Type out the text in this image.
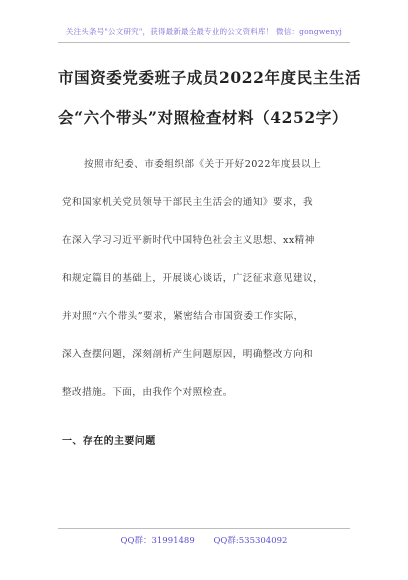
关注头条号"公文研究"，获得最新最全最专业的公文资料库！ 微信：gongwenyj
市国资委党委班子成员2022年度民主生活
会“六个带头”对照检查材料（4252字）
按照市纪委、市委组织部《关于开好2022年度县以上
党和国家机关党员领导干部民主生活会的通知》要求，我
在深入学习习近平新时代中国特色社会主义思想、xx精神
和规定篇目的基础上，开展谈心谈话，广泛征求意见建议，
并对照“六个带头”要求，紧密结合市国资委工作实际，
深入查摆问题，深刻剖析产生问题原因，明确整改方向和
整改措施。下面，由我作个对照检查。
一、存在的主要问题
QQ群：31991489 QQ群:535304092
